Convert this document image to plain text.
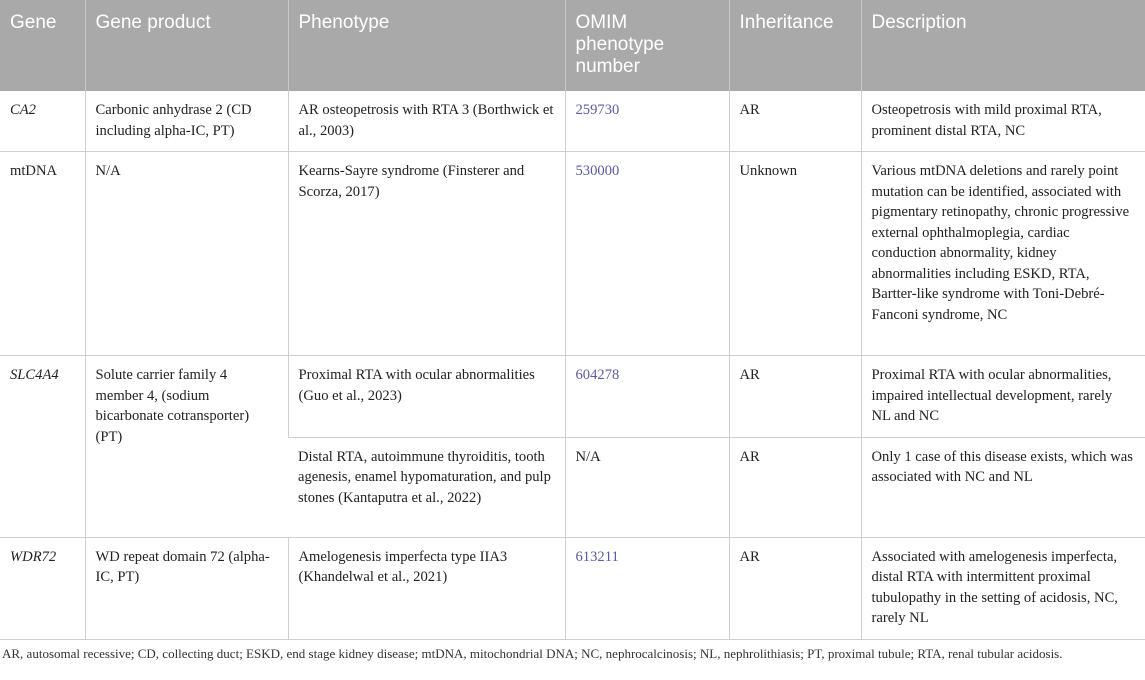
Gene	Gene product	Phenotype	OMIM phenotype number	Inheritance	Description
CA2	Carbonic anhydrase 2 (CD including alpha-IC, PT)	AR osteopetrosis with RTA 3 (Borthwick et al., 2003)	259730	AR	Osteopetrosis with mild proximal RTA, prominent distal RTA, NC
mtDNA	N/A	Kearns-Sayre syndrome (Finsterer and Scorza, 2017)	530000	Unknown	Various mtDNA deletions and rarely point mutation can be identified, associated with pigmentary retinopathy, chronic progressive external ophthalmoplegia, cardiac conduction abnormality, kidney abnormalities including ESKD, RTA, Bartter-like syndrome with Toni-Debré-Fanconi syndrome, NC
SLC4A4	Solute carrier family 4 member 4, (sodium bicarbonate cotransporter) (PT)	Proximal RTA with ocular abnormalities (Guo et al., 2023)	604278	AR	Proximal RTA with ocular abnormalities, impaired intellectual development, rarely NL and NC
		Distal RTA, autoimmune thyroiditis, tooth agenesis, enamel hypomaturation, and pulp stones (Kantaputra et al., 2022)	N/A	AR	Only 1 case of this disease exists, which was associated with NC and NL
WDR72	WD repeat domain 72 (alpha-IC, PT)	Amelogenesis imperfecta type IIA3 (Khandelwal et al., 2021)	613211	AR	Associated with amelogenesis imperfecta, distal RTA with intermittent proximal tubulopathy in the setting of acidosis, NC, rarely NL
AR, autosomal recessive; CD, collecting duct; ESKD, end stage kidney disease; mtDNA, mitochondrial DNA; NC, nephrocalcinosis; NL, nephrolithiasis; PT, proximal tubule; RTA, renal tubular acidosis.
